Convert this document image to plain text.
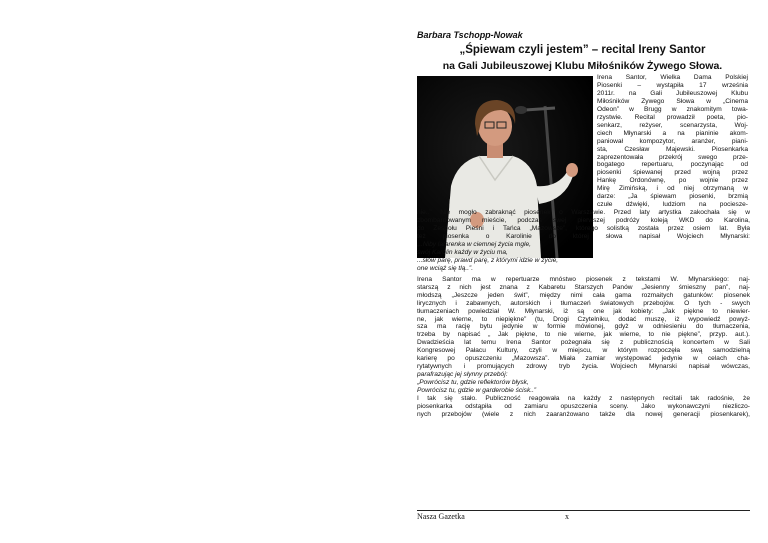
Barbara Tschopp-Nowak
„Śpiewam czyli jestem” – recital Ireny Santor
na Gali Jubileuszowej Klubu Miłośników Żywego Słowa.
Irena Santor, Wielka Dama Polskiej
Piosenki – wystąpiła 17 września
2011r. na Gali Jubileuszowej Klubu
Miłośników Żywego Słowa w „Cinema
Odeon” w Brugg w znakomitym towa-
rzystwie. Recital prowadził poeta, pio-
senkarz, reżyser, scenarzysta, Woj-
ciech Młynarski a na pianinie akom-
paniował kompozytor, aranżer, piani-
sta, Czesław Majewski. Piosenkarka
zaprezentowała przekrój swego prze-
bogatego repertuaru, poczynając od
piosenki śpiewanej przed wojną przez
Hankę Ordonównę, po wojnie przez
Mirę Zimińską, i od niej otrzymaną w
darze: „Ja śpiewam piosenki, brzmią
czułe dźwięki, ludziom na pociesze-
nie..” Nie mogło zabraknąć piosenek o Warszawie. Przed laty artystka zakochała się w
zbombardowanym mieście, podczas swej pierwszej podróży koleją WKD do Karolina,
do Zespołu Pieśni i Tańca „Mazowsze”, którego solistką została przez osiem lat. Była
też piosenka o Karolinie do której słowa napisał Wojciech Młynarski:
„..Niby latarenka w ciemnej życia mgle,
swój Karolin każdy w życiu ma,
...słów parę, prawd parę, z którymi idzie w życie,
one wciąż się tlą..”.
Irena Santor ma w repertuarze mnóstwo piosenek z tekstami W. Młynarskiego: naj-
starszą z nich jest znana z Kabaretu Starszych Panów „Jesienny śmieszny pan”, naj-
młodszą „Jeszcze jeden świt”, między nimi cała gama rozmaitych gatunków: piosenek
lirycznych i zabawnych, autorskich i tłumaczeń światowych przebojów. O tych - swych
tłumaczeniach powiedział W. Młynarski, iż są one jak kobiety: „Jak piękne to niewier-
ne, jak wierne, to niepiękne” (tu, Drogi Czytelniku, dodać muszę, iż wypowiedź powyż-
sza ma rację bytu jedynie w formie mówionej, gdyż w odniesieniu do tłumaczenia,
trzeba by napisać „ Jak piękne, to nie wierne, jak wierne, to nie piękne”, przyp. aut.).
Dwadzieścia lat temu Irena Santor pożegnała się z publicznością koncertem w Sali
Kongresowej Pałacu Kultury, czyli w miejscu, w którym rozpoczęła swą samodzielną
karierę po opuszczeniu „Mazowsza”. Miała zamiar występować jedynie w celach cha-
rytatywnych i promujących zdrowy tryb życia. Wojciech Młynarski napisał wówczas,
parafrazując jej słynny przebój:
„Powrócisz tu, gdzie reflektorów błysk,
Powrócisz tu, gdzie w garderobie ścisk..”
I tak się stało. Publiczność reagowała na każdy z następnych recitali tak radośnie, że
piosenkarka odstąpiła od zamiaru opuszczenia sceny. Jako wykonawczyni niezliczo-
nych przebojów (wiele z nich zaaranżowano także dla nowej generacji piosenkarek),
Nasza Gazetka	x
